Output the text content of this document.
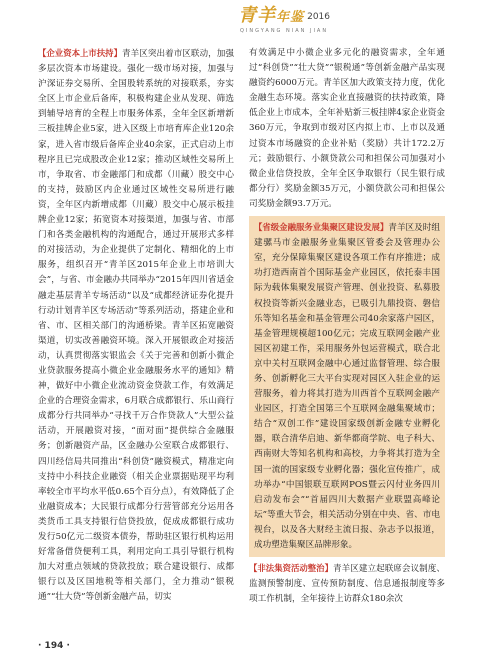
青羊年鉴 2016
QINGYANG NIAN JIAN

【企业资本上市扶持】青羊区突出着市区联动，加强多层次资本市场建设。强化一级市场对接，加强与沪深证券交易所、全国股转系统的对接联系，夯实全区上市企业后备库，积极构建企业从发现、筛选到辅导培育的全程上市服务体系，全年全区新增新三板挂牌企业5家，进入区级上市培育库企业120余家，进入省市级后备库企业40余家，正式启动上市程序且已完成股改企业12家；推动区域性交易所上市，争取省、市金融部门和成都（川藏）股交中心的支持，鼓励区内企业通过区域性交易所进行融资，全年区内新增成都（川藏）股交中心展示板挂牌企业12家；拓宽资本对接渠道，加强与省、市部门和各类金融机构的沟通配合，通过开展形式多样的对接活动，为企业提供了定制化、精细化的上市服务，组织召开“青羊区2015年企业上市培训大会”，与省、市金融办共同举办“2015年四川省适金融走基层青羊专场活动”以及“成都经济证券化提升行动计划青羊区专场活动”等系列活动，搭建企业和省、市、区相关部门的沟通桥梁。青羊区拓宽融资渠道，切实改善融资环境。深入开展银政企对接活动，认真贯彻落实银监会《关于完善和创新小微企业贷款服务提高小微企业金融服务水平的通知》精神，做好中小微企业流动资金贷款工作，有效满足企业的合理资金需求，6月联合成都银行、乐山商行成都分行共同举办“寻找千万合作贷款人”大型公益活动，开展融资对接，“面对面”提供综合金融服务；创新融资产品，区金融办公室联合成都银行、四川经信局共同推出“科创贷”融资模式，精准定向支持中小科技企业融资（相关企业票据贴现平均利率较全市平均水平低0.65个百分点），有效降低了企业融资成本；大民银行成都分行营管部充分运用各类货币工具支持银行信贷投放，促成成都银行成功发行50亿元二级资本债券，帮助驻区银行机构运用好常备借贷便利工具，利用定向工具引导银行机构加大对重点领域的贷款投放；联合建设银行、成都银行以及区国地税等相关部门，全力推动“银税通”“壮大贷”等创新金融产品，切实

有效满足中小微企业多元化的融资需求，全年通过“科创贷”“壮大贷”“银税通”等创新金融产品实现融资约6000万元。青羊区加大政策支持力度，优化金融生态环境。落实企业直接融资的扶持政策，降低企业上市成本，全年补贴新三板挂牌4家企业资金360万元，争取到市级对区内拟上市、上市以及通过资本市场融资的企业补贴（奖励）共计172.2万元；鼓励银行、小额贷款公司和担保公司加强对小微企业信贷投放，全年全区争取银行（民生银行成都分行）奖励金额35万元，小额贷款公司和担保公司奖励金额93.7万元。

【省级金融服务业集聚区建设发展】青羊区及时组建骡马市金融服务业集聚区管委会及管理办公室，充分保障集聚区建设各项工作有序推进；成功打造西南首个国际基金产业园区，依托泰丰国际为载体集聚发展资产管理、创业投资、私募股权投资等新兴金融业态，已吸引九鼎投资、磐信乐等知名基金和基金管理公司40余家落户园区，基金管理规模超100亿元；完成互联网金融产业园区初建工作，采用服务外包运营模式，联合北京中关村互联网金融中心通过监督管理、综合服务、创新孵化三大平台实现对园区入驻企业的运营服务，着力将其打造为川西首个互联网金融产业园区，打造全国第三个互联网金融集聚域市；结合“双创工作”建设国家级创新金融专业孵化器，联合清华启迪、新华都商学院、电子科大、西南财大等知名机构和高校，力争将其打造为全国一流的国家级专业孵化器；强化宣传推广，成功举办“中国银联互联网POS暨云闪付业务四川启动发布会”“首届四川大数据产业联盟高峰论坛”等重大节会，相关活动分别在中央、省、市电视台，以及各大财经主流日报、杂志予以报道，成功塑造集聚区品牌形象。

【非法集资活动整治】青羊区建立起联席会议制度、监测预警制度、宣传预防制度、信息通报制度等多项工作机制，全年接待上访群众180余次

· 194 ·
